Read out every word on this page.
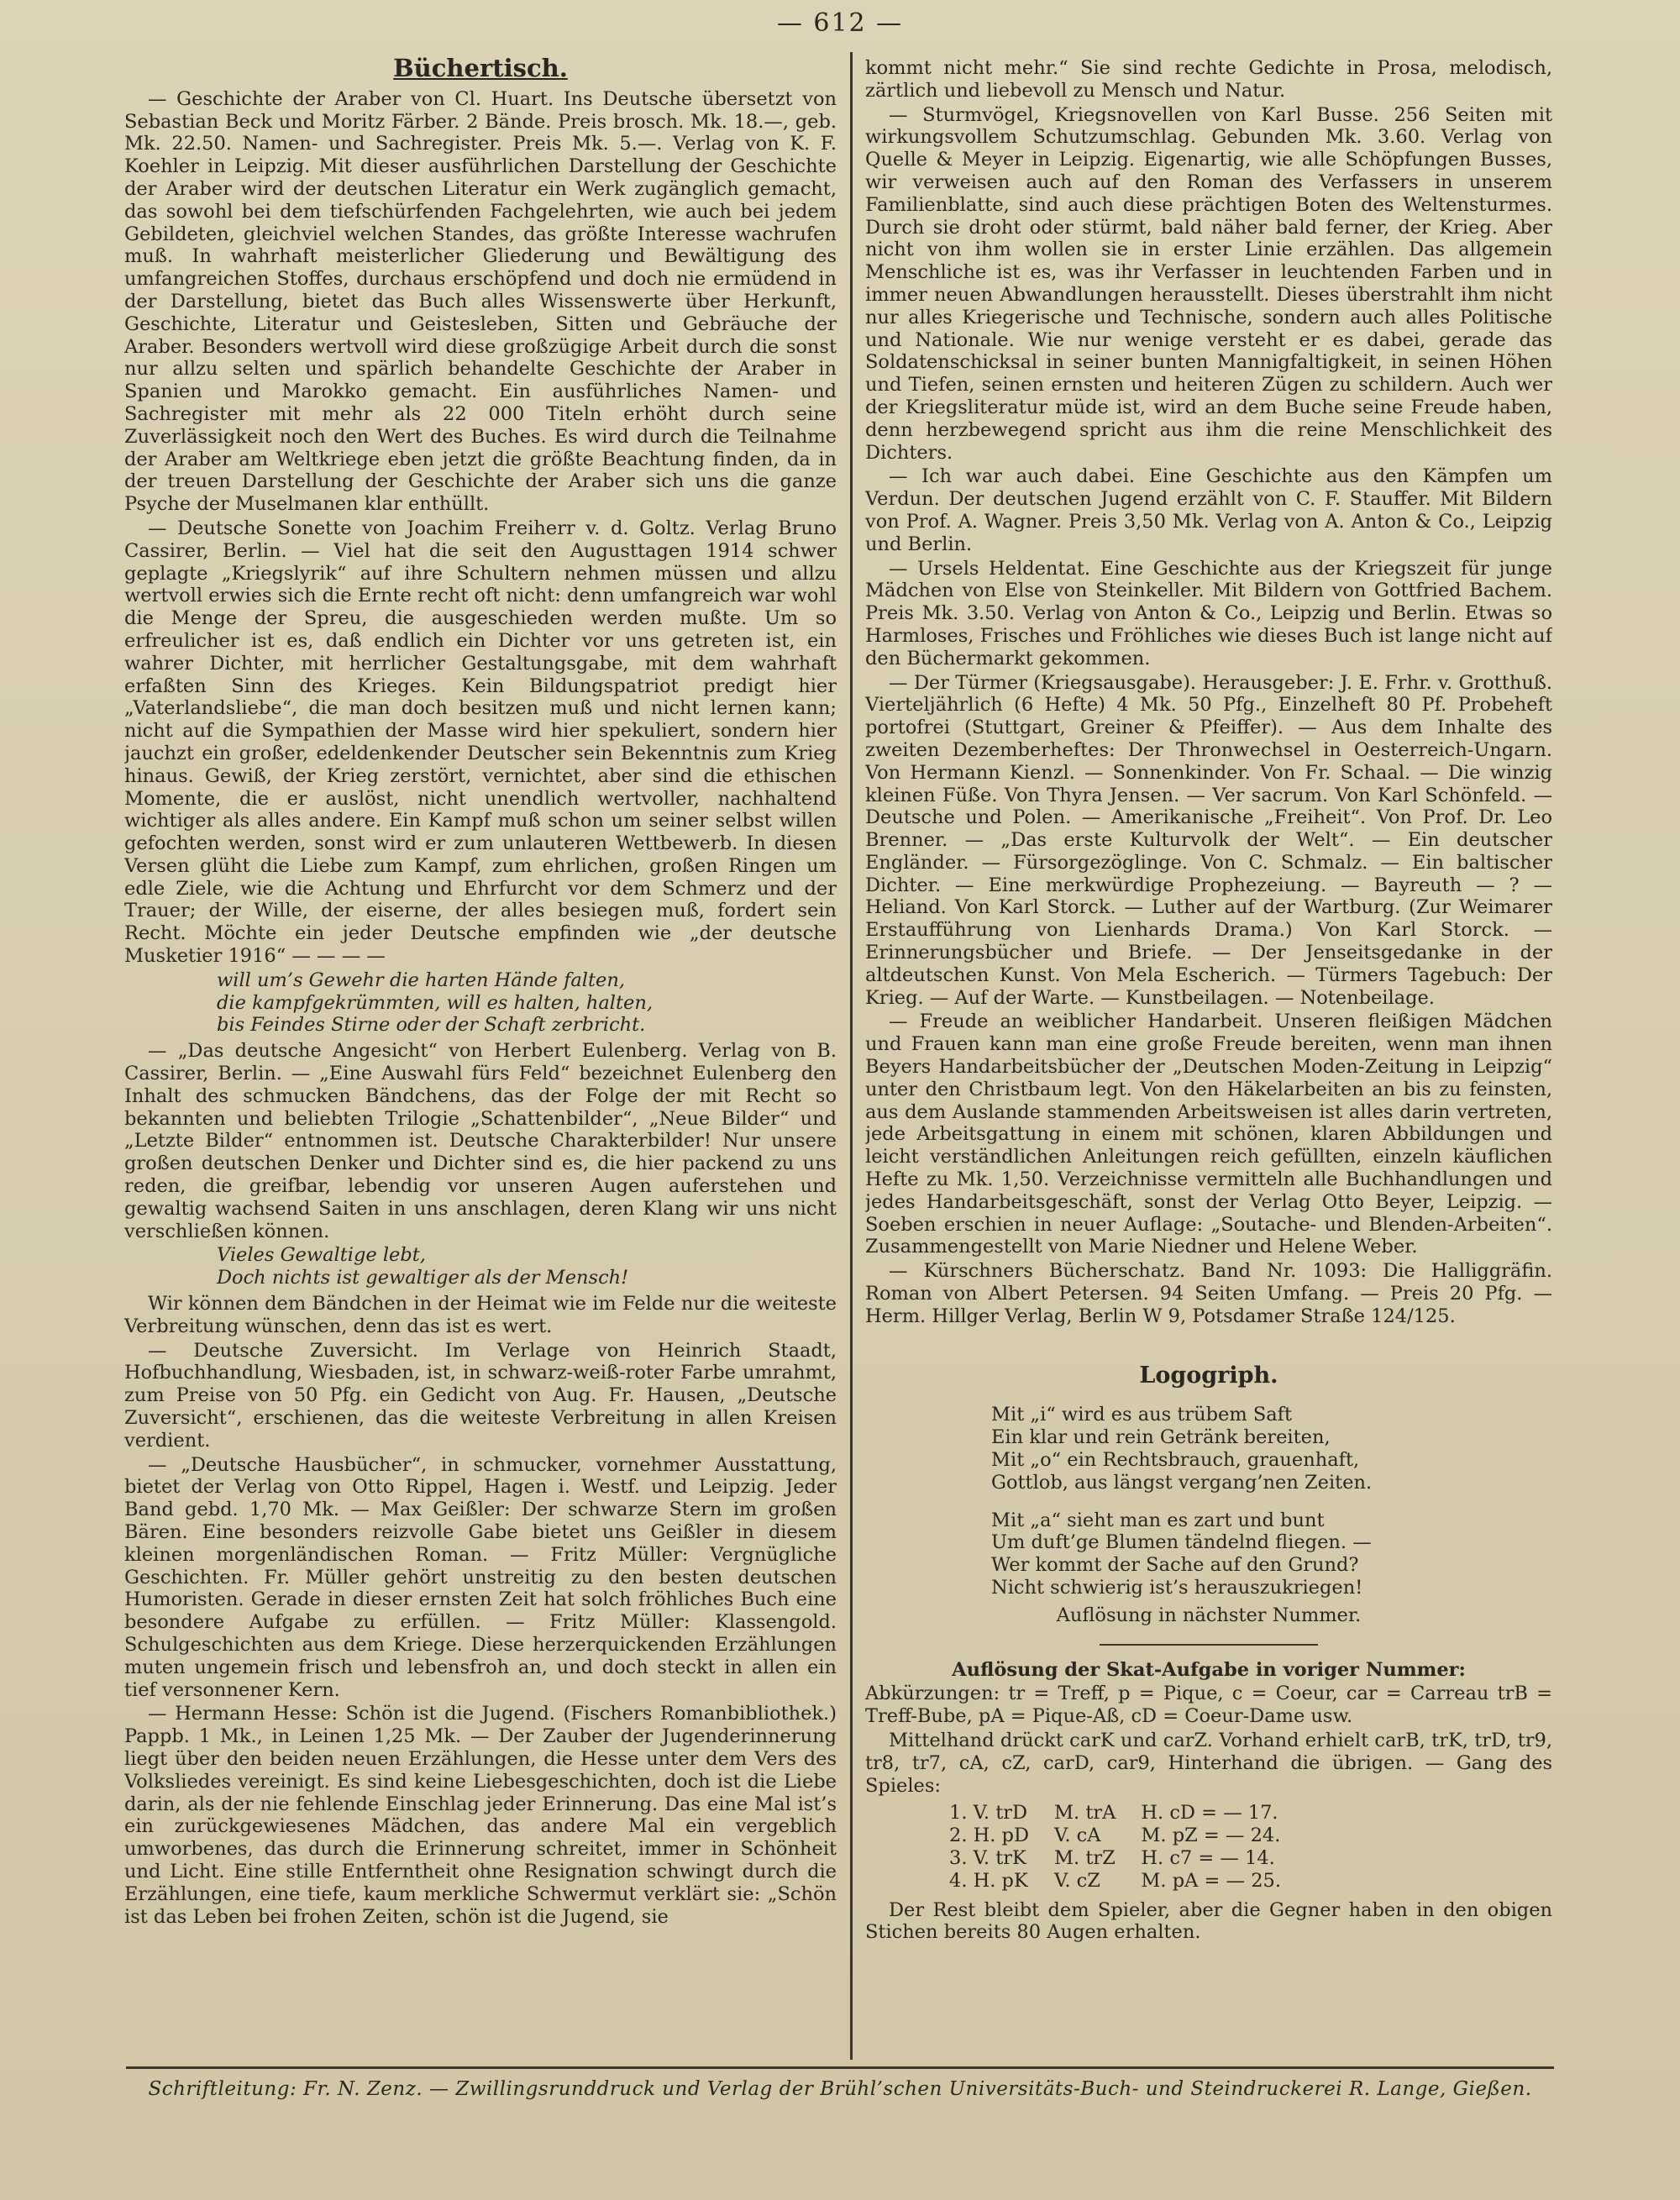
— 612 —

Büchertisch.

— Geschichte der Araber von Cl. Huart. Ins Deutsche übersetzt von Sebastian Beck und Moritz Färber. 2 Bände. Preis brosch. Mk. 18.—, geb. Mk. 22.50. Namen- und Sachregister. Preis Mk. 5.—. Verlag von K. F. Koehler in Leipzig. Mit dieser ausführlichen Darstellung der Geschichte der Araber wird der deutschen Literatur ein Werk zugänglich gemacht, das sowohl bei dem tiefschürfenden Fachgelehrten, wie auch bei jedem Gebildeten, gleichviel welchen Standes, das größte Interesse wachrufen muß. In wahrhaft meisterlicher Gliederung und Bewältigung des umfangreichen Stoffes, durchaus erschöpfend und doch nie ermüdend in der Darstellung, bietet das Buch alles Wissenswerte über Herkunft, Geschichte, Literatur und Geistesleben, Sitten und Gebräuche der Araber. Besonders wertvoll wird diese großzügige Arbeit durch die sonst nur allzu selten und spärlich behandelte Geschichte der Araber in Spanien und Marokko gemacht. Ein ausführliches Namen- und Sachregister mit mehr als 22 000 Titeln erhöht durch seine Zuverlässigkeit noch den Wert des Buches. Es wird durch die Teilnahme der Araber am Weltkriege eben jetzt die größte Beachtung finden, da in der treuen Darstellung der Geschichte der Araber sich uns die ganze Psyche der Muselmanen klar enthüllt.

— Deutsche Sonette von Joachim Freiherr v. d. Goltz. Verlag Bruno Cassirer, Berlin. — Viel hat die seit den Augusttagen 1914 schwer geplagte „Kriegslyrik“ auf ihre Schultern nehmen müssen und allzu wertvoll erwies sich die Ernte recht oft nicht: denn umfangreich war wohl die Menge der Spreu, die ausgeschieden werden mußte. Um so erfreulicher ist es, daß endlich ein Dichter vor uns getreten ist, ein wahrer Dichter, mit herrlicher Gestaltungsgabe, mit dem wahrhaft erfaßten Sinn des Krieges. Kein Bildungspatriot predigt hier „Vaterlandsliebe“, die man doch besitzen muß und nicht lernen kann; nicht auf die Sympathien der Masse wird hier spekuliert, sondern hier jauchzt ein großer, edeldenkender Deutscher sein Bekenntnis zum Krieg hinaus. Gewiß, der Krieg zerstört, vernichtet, aber sind die ethischen Momente, die er auslöst, nicht unendlich wertvoller, nachhaltend wichtiger als alles andere. Ein Kampf muß schon um seiner selbst willen gefochten werden, sonst wird er zum unlauteren Wettbewerb. In diesen Versen glüht die Liebe zum Kampf, zum ehrlichen, großen Ringen um edle Ziele, wie die Achtung und Ehrfurcht vor dem Schmerz und der Trauer; der Wille, der eiserne, der alles besiegen muß, fordert sein Recht. Möchte ein jeder Deutsche empfinden wie „der deutsche Musketier 1916“ — — — —

will um’s Gewehr die harten Hände falten,
die kampfgekrümmten, will es halten, halten,
bis Feindes Stirne oder der Schaft zerbricht.

— „Das deutsche Angesicht“ von Herbert Eulenberg. Verlag von B. Cassirer, Berlin. — „Eine Auswahl fürs Feld“ bezeichnet Eulenberg den Inhalt des schmucken Bändchens, das der Folge der mit Recht so bekannten und beliebten Trilogie „Schattenbilder“, „Neue Bilder“ und „Letzte Bilder“ entnommen ist. Deutsche Charakterbilder! Nur unsere großen deutschen Denker und Dichter sind es, die hier packend zu uns reden, die greifbar, lebendig vor unseren Augen auferstehen und gewaltig wachsend Saiten in uns anschlagen, deren Klang wir uns nicht verschließen können.

Vieles Gewaltige lebt,
Doch nichts ist gewaltiger als der Mensch!

Wir können dem Bändchen in der Heimat wie im Felde nur die weiteste Verbreitung wünschen, denn das ist es wert.

— Deutsche Zuversicht. Im Verlage von Heinrich Staadt, Hofbuchhandlung, Wiesbaden, ist, in schwarz-weiß-roter Farbe umrahmt, zum Preise von 50 Pfg. ein Gedicht von Aug. Fr. Hausen, „Deutsche Zuversicht“, erschienen, das die weiteste Verbreitung in allen Kreisen verdient.

— „Deutsche Hausbücher“, in schmucker, vornehmer Ausstattung, bietet der Verlag von Otto Rippel, Hagen i. Westf. und Leipzig. Jeder Band gebd. 1,70 Mk. — Max Geißler: Der schwarze Stern im großen Bären. Eine besonders reizvolle Gabe bietet uns Geißler in diesem kleinen morgenländischen Roman. — Fritz Müller: Vergnügliche Geschichten. Fr. Müller gehört unstreitig zu den besten deutschen Humoristen. Gerade in dieser ernsten Zeit hat solch fröhliches Buch eine besondere Aufgabe zu erfüllen. — Fritz Müller: Klassengold. Schulgeschichten aus dem Kriege. Diese herzerquickenden Erzählungen muten ungemein frisch und lebensfroh an, und doch steckt in allen ein tief versonnener Kern.

— Hermann Hesse: Schön ist die Jugend. (Fischers Romanbibliothek.) Pappb. 1 Mk., in Leinen 1,25 Mk. — Der Zauber der Jugenderinnerung liegt über den beiden neuen Erzählungen, die Hesse unter dem Vers des Volksliedes vereinigt. Es sind keine Liebesgeschichten, doch ist die Liebe darin, als der nie fehlende Einschlag jeder Erinnerung. Das eine Mal ist’s ein zurückgewiesenes Mädchen, das andere Mal ein vergeblich umworbenes, das durch die Erinnerung schreitet, immer in Schönheit und Licht. Eine stille Entferntheit ohne Resignation schwingt durch die Erzählungen, eine tiefe, kaum merkliche Schwermut verklärt sie: „Schön ist das Leben bei frohen Zeiten, schön ist die Jugend, sie

kommt nicht mehr.“ Sie sind rechte Gedichte in Prosa, melodisch, zärtlich und liebevoll zu Mensch und Natur.

— Sturmvögel, Kriegsnovellen von Karl Busse. 256 Seiten mit wirkungsvollem Schutzumschlag. Gebunden Mk. 3.60. Verlag von Quelle & Meyer in Leipzig. Eigenartig, wie alle Schöpfungen Busses, wir verweisen auch auf den Roman des Verfassers in unserem Familienblatte, sind auch diese prächtigen Boten des Weltensturmes. Durch sie droht oder stürmt, bald näher bald ferner, der Krieg. Aber nicht von ihm wollen sie in erster Linie erzählen. Das allgemein Menschliche ist es, was ihr Verfasser in leuchtenden Farben und in immer neuen Abwandlungen herausstellt. Dieses überstrahlt ihm nicht nur alles Kriegerische und Technische, sondern auch alles Politische und Nationale. Wie nur wenige versteht er es dabei, gerade das Soldatenschicksal in seiner bunten Mannigfaltigkeit, in seinen Höhen und Tiefen, seinen ernsten und heiteren Zügen zu schildern. Auch wer der Kriegsliteratur müde ist, wird an dem Buche seine Freude haben, denn herzbewegend spricht aus ihm die reine Menschlichkeit des Dichters.

— Ich war auch dabei. Eine Geschichte aus den Kämpfen um Verdun. Der deutschen Jugend erzählt von C. F. Stauffer. Mit Bildern von Prof. A. Wagner. Preis 3,50 Mk. Verlag von A. Anton & Co., Leipzig und Berlin.

— Ursels Heldentat. Eine Geschichte aus der Kriegszeit für junge Mädchen von Else von Steinkeller. Mit Bildern von Gottfried Bachem. Preis Mk. 3.50. Verlag von Anton & Co., Leipzig und Berlin. Etwas so Harmloses, Frisches und Fröhliches wie dieses Buch ist lange nicht auf den Büchermarkt gekommen.

— Der Türmer (Kriegsausgabe). Herausgeber: J. E. Frhr. v. Grotthuß. Vierteljährlich (6 Hefte) 4 Mk. 50 Pfg., Einzelheft 80 Pf. Probeheft portofrei (Stuttgart, Greiner & Pfeiffer). — Aus dem Inhalte des zweiten Dezemberheftes: Der Thronwechsel in Oesterreich-Ungarn. Von Hermann Kienzl. — Sonnenkinder. Von Fr. Schaal. — Die winzig kleinen Füße. Von Thyra Jensen. — Ver sacrum. Von Karl Schönfeld. — Deutsche und Polen. — Amerikanische „Freiheit“. Von Prof. Dr. Leo Brenner. — „Das erste Kulturvolk der Welt“. — Ein deutscher Engländer. — Fürsorgezöglinge. Von C. Schmalz. — Ein baltischer Dichter. — Eine merkwürdige Prophezeiung. — Bayreuth — ? — Heliand. Von Karl Storck. — Luther auf der Wartburg. (Zur Weimarer Erstaufführung von Lienhards Drama.) Von Karl Storck. — Erinnerungsbücher und Briefe. — Der Jenseitsgedanke in der altdeutschen Kunst. Von Mela Escherich. — Türmers Tagebuch: Der Krieg. — Auf der Warte. — Kunstbeilagen. — Notenbeilage.

— Freude an weiblicher Handarbeit. Unseren fleißigen Mädchen und Frauen kann man eine große Freude bereiten, wenn man ihnen Beyers Handarbeitsbücher der „Deutschen Moden-Zeitung in Leipzig“ unter den Christbaum legt. Von den Häkelarbeiten an bis zu feinsten, aus dem Auslande stammenden Arbeitsweisen ist alles darin vertreten, jede Arbeitsgattung in einem mit schönen, klaren Abbildungen und leicht verständlichen Anleitungen reich gefüllten, einzeln käuflichen Hefte zu Mk. 1,50. Verzeichnisse vermitteln alle Buchhandlungen und jedes Handarbeitsgeschäft, sonst der Verlag Otto Beyer, Leipzig. — Soeben erschien in neuer Auflage: „Soutache- und Blenden-Arbeiten“. Zusammengestellt von Marie Niedner und Helene Weber.

— Kürschners Bücherschatz. Band Nr. 1093: Die Halliggräfin. Roman von Albert Petersen. 94 Seiten Umfang. — Preis 20 Pfg. — Herm. Hillger Verlag, Berlin W 9, Potsdamer Straße 124/125.

Logogriph.

Mit „i“ wird es aus trübem Saft
Ein klar und rein Getränk bereiten,
Mit „o“ ein Rechtsbrauch, grauenhaft,
Gottlob, aus längst vergang’nen Zeiten.
Mit „a“ sieht man es zart und bunt
Um duft’ge Blumen tändelnd fliegen. —
Wer kommt der Sache auf den Grund?
Nicht schwierig ist’s herauszukriegen!

Auflösung in nächster Nummer.

Auflösung der Skat-Aufgabe in voriger Nummer:

Abkürzungen: tr = Treff, p = Pique, c = Coeur, car = Carreau trB = Treff-Bube, pA = Pique-Aß, cD = Coeur-Dame usw.

Mittelhand drückt carK und carZ. Vorhand erhielt carB, trK, trD, tr9, tr8, tr7, cA, cZ, carD, car9, Hinterhand die übrigen. — Gang des Spieles:

1. V. trD	M. trA	H. cD = — 17.
2. H. pD	V. cA	M. pZ = — 24.
3. V. trK	M. trZ	H. c7 = — 14.
4. H. pK	V. cZ	M. pA = — 25.

Der Rest bleibt dem Spieler, aber die Gegner haben in den obigen Stichen bereits 80 Augen erhalten.

Schriftleitung: Fr. N. Zenz. — Zwillingsrunddruck und Verlag der Brühl’schen Universitäts-Buch- und Steindruckerei R. Lange, Gießen.
